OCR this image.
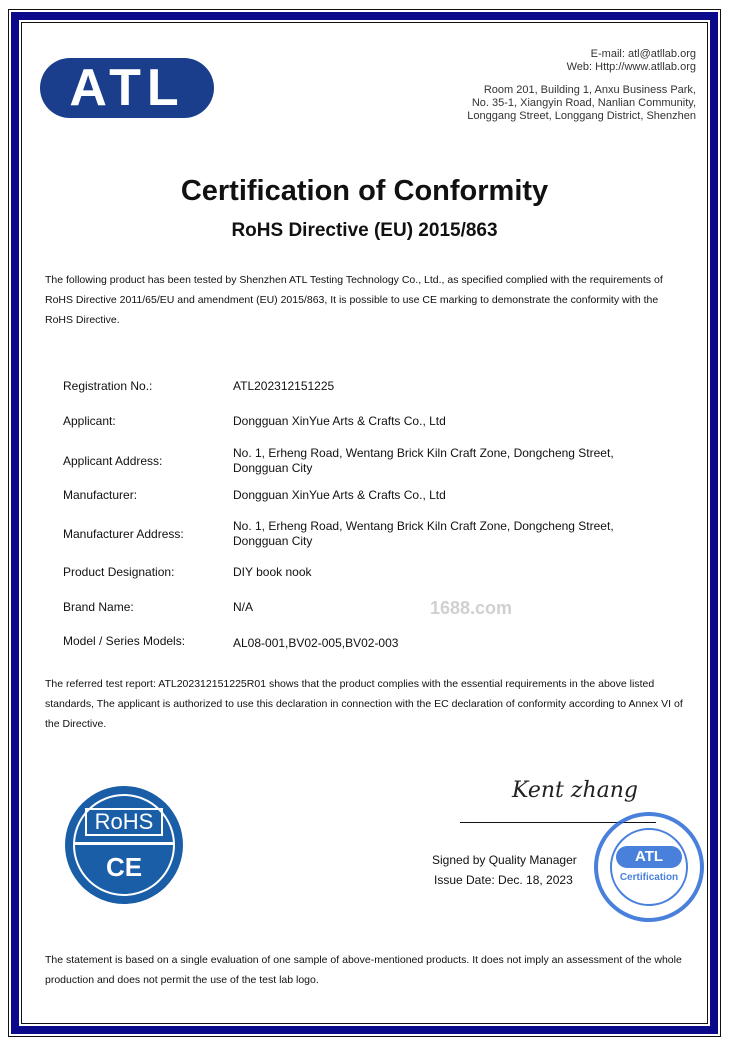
ATL
E-mail: atl@atllab.org
Web: Http://www.atllab.org
Room 201, Building 1, Anxu Business Park,
No. 35-1, Xiangyin Road, Nanlian Community,
Longgang Street, Longgang District, Shenzhen
Certification of Conformity
RoHS Directive (EU) 2015/863
The following product has been tested by Shenzhen ATL Testing Technology Co., Ltd., as specified complied with the requirements of RoHS Directive 2011/65/EU and amendment (EU) 2015/863, It is possible to use CE marking to demonstrate the conformity with the RoHS Directive.
Registration No.:	ATL202312151225
Applicant:	Dongguan XinYue Arts & Crafts Co., Ltd
Applicant Address:
No. 1, Erheng Road, Wentang Brick Kiln Craft Zone, Dongcheng Street, Dongguan City
Manufacturer:	Dongguan XinYue Arts & Crafts Co., Ltd
Manufacturer Address:
No. 1, Erheng Road, Wentang Brick Kiln Craft Zone, Dongcheng Street, Dongguan City
Product Designation:	DIY book nook
Brand Name:	N/A
Model / Series Models:	AL08-001,BV02-005,BV02-003
1688.com
The referred test report: ATL202312151225R01 shows that the product complies with the essential requirements in the above listed standards, The applicant is authorized to use this declaration in connection with the EC declaration of conformity according to Annex VI of the Directive.
RoHS
CE
Kent zhang
ATL
Certification
Signed by Quality Manager
Issue Date: Dec. 18, 2023
The statement is based on a single evaluation of one sample of above-mentioned products. It does not imply an assessment of the whole production and does not permit the use of the test lab logo.
